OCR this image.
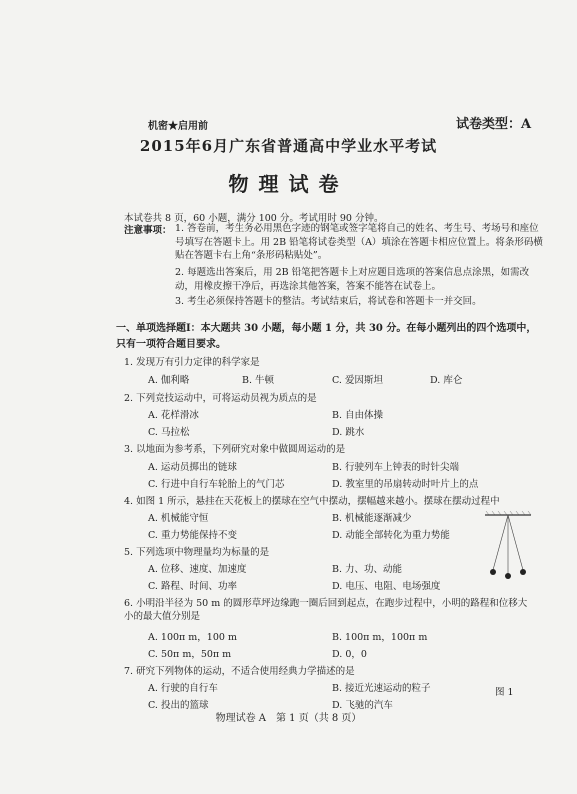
机密★启用前	试卷类型：A
2015年6月广东省普通高中学业水平考试
物理试卷
本试卷共 8 页，60 小题，满分 100 分。考试用时 90 分钟。
注意事项： 1. 答卷前，考生务必用黑色字迹的钢笔或签字笔将自己的姓名、考生号、考场号和座位号填写在答题卡上。用 2B 铅笔将试卷类型（A）填涂在答题卡相应位置上。将条形码横贴在答题卡右上角“条形码粘贴处”。
2. 每题选出答案后，用 2B 铅笔把答题卡上对应题目选项的答案信息点涂黑，如需改动，用橡皮擦干净后，再选涂其他答案，答案不能答在试卷上。
3. 考生必须保持答题卡的整洁。考试结束后，将试卷和答题卡一并交回。
一、单项选择题Ⅰ：本大题共 30 小题，每小题 1 分，共 30 分。在每小题列出的四个选项中，只有一项符合题目要求。
1. 发现万有引力定律的科学家是
A. 伽利略	B. 牛顿	C. 爱因斯坦	D. 库仑
2. 下列竞技运动中，可将运动员视为质点的是
A. 花样滑冰	B. 自由体操
C. 马拉松	D. 跳水
3. 以地面为参考系，下列研究对象中做圆周运动的是
A. 运动员掷出的链球	B. 行驶列车上钟表的时针尖端
C. 行进中自行车轮胎上的气门芯	D. 教室里的吊扇转动时叶片上的点
4. 如图 1 所示，悬挂在天花板上的摆球在空气中摆动，摆幅越来越小。摆球在摆动过程中
A. 机械能守恒	B. 机械能逐渐减少
C. 重力势能保持不变	D. 动能全部转化为重力势能
5. 下列选项中物理量均为标量的是
A. 位移、速度、加速度	B. 力、功、动能
C. 路程、时间、功率	D. 电压、电阻、电场强度
6. 小明沿半径为 50 m 的圆形草坪边缘跑一圈后回到起点，在跑步过程中，小明的路程和位移大小的最大值分别是
A. 100π m，100 m	B. 100π m，100π m
C. 50π m，50π m	D. 0，0
7. 研究下列物体的运动，不适合使用经典力学描述的是
A. 行驶的自行车	B. 接近光速运动的粒子
C. 投出的篮球	D. 飞驰的汽车
图 1
物理试卷 A　第 1 页（共 8 页）
